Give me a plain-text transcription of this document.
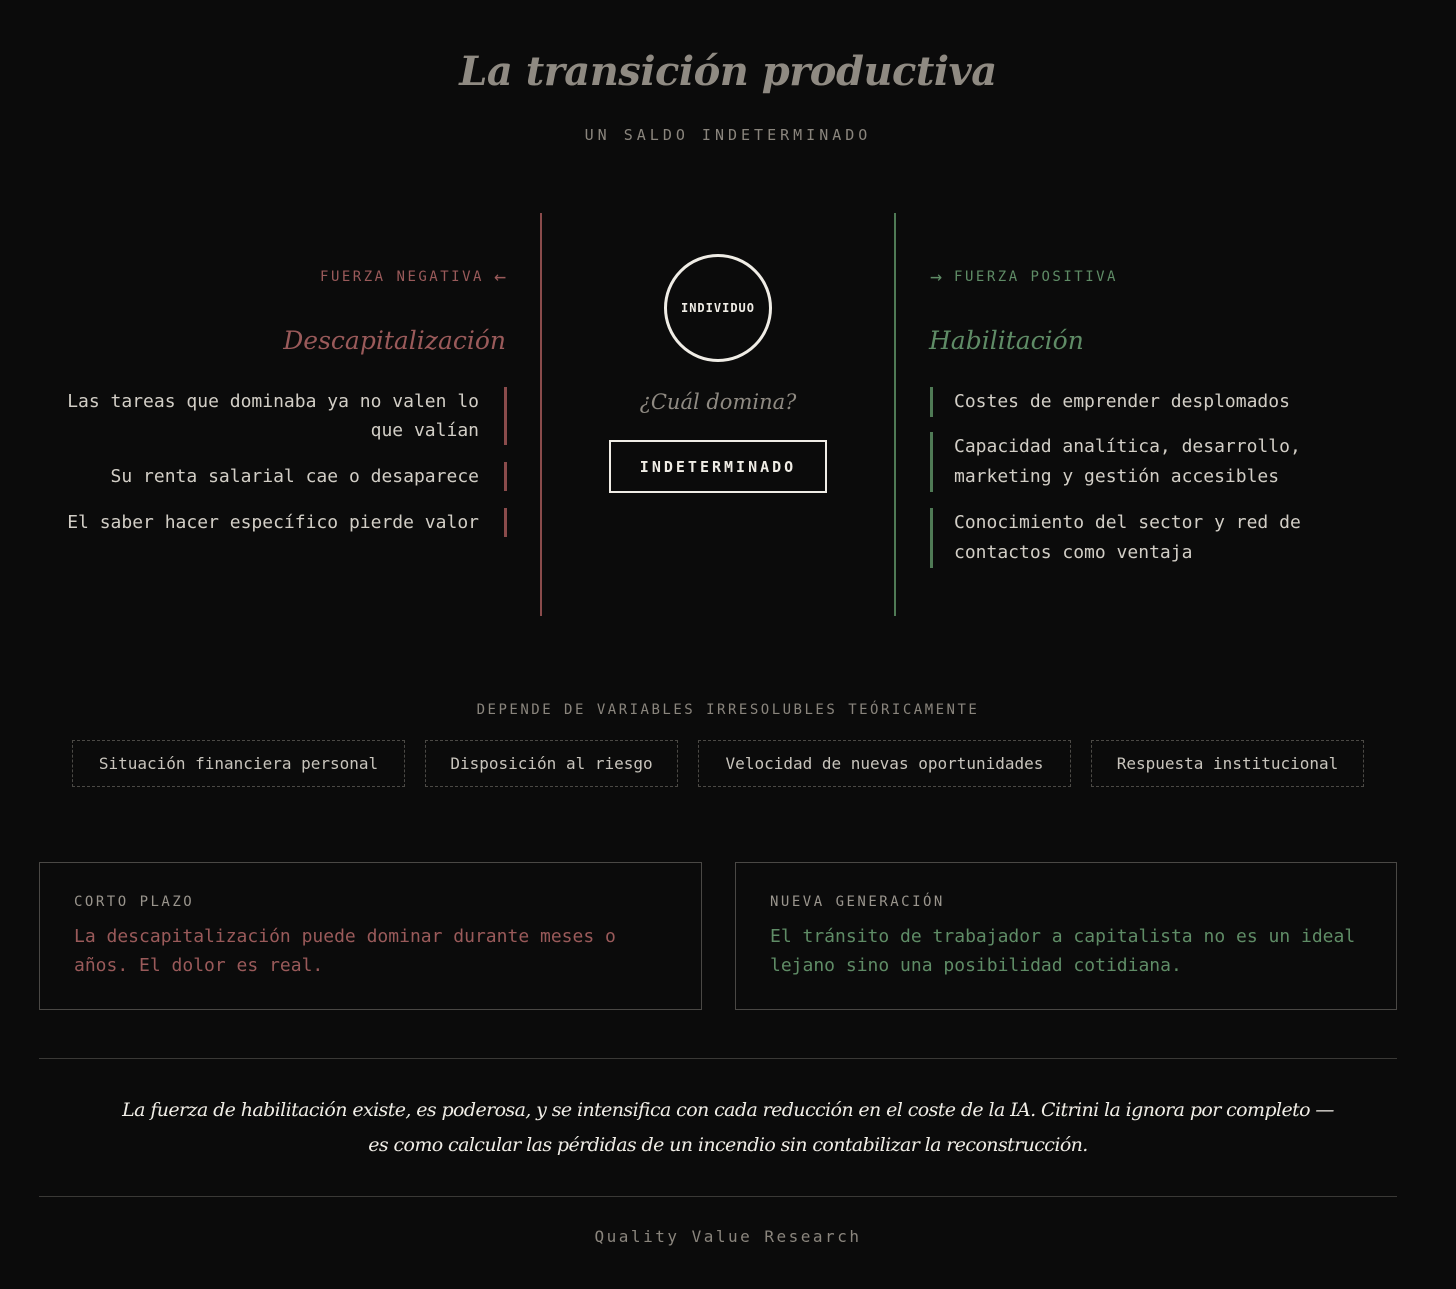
La transición productiva
UN SALDO INDETERMINADO
FUERZA NEGATIVA ←
Descapitalización
Las tareas que dominaba ya no valen lo que valían
Su renta salarial cae o desaparece
El saber hacer específico pierde valor
INDIVIDUO
¿Cuál domina?
INDETERMINADO
→ FUERZA POSITIVA
Habilitación
Costes de emprender desplomados
Capacidad analítica, desarrollo, marketing y gestión accesibles
Conocimiento del sector y red de contactos como ventaja
DEPENDE DE VARIABLES IRRESOLUBLES TEÓRICAMENTE
Situación financiera personal	Disposición al riesgo	Velocidad de nuevas oportunidades	Respuesta institucional
CORTO PLAZO
La descapitalización puede dominar durante meses o años. El dolor es real.
NUEVA GENERACIÓN
El tránsito de trabajador a capitalista no es un ideal lejano sino una posibilidad cotidiana.
La fuerza de habilitación existe, es poderosa, y se intensifica con cada reducción en el coste de la IA. Citrini la ignora por completo — es como calcular las pérdidas de un incendio sin contabilizar la reconstrucción.
Quality Value Research
